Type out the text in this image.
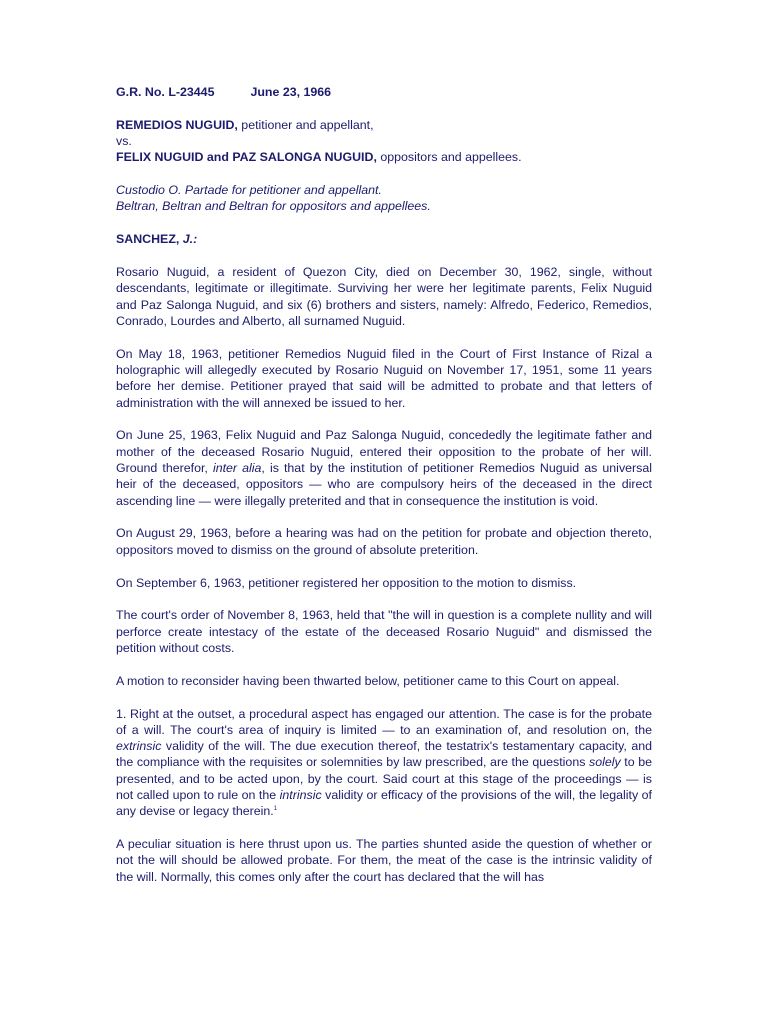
G.R. No. L-23445	June 23, 1966

REMEDIOS NUGUID, petitioner and appellant,
vs.
FELIX NUGUID and PAZ SALONGA NUGUID, oppositors and appellees.

Custodio O. Partade for petitioner and appellant.
Beltran, Beltran and Beltran for oppositors and appellees.

SANCHEZ, J.:

Rosario Nuguid, a resident of Quezon City, died on December 30, 1962, single, without descendants, legitimate or illegitimate. Surviving her were her legitimate parents, Felix Nuguid and Paz Salonga Nuguid, and six (6) brothers and sisters, namely: Alfredo, Federico, Remedios, Conrado, Lourdes and Alberto, all surnamed Nuguid.

On May 18, 1963, petitioner Remedios Nuguid filed in the Court of First Instance of Rizal a holographic will allegedly executed by Rosario Nuguid on November 17, 1951, some 11 years before her demise. Petitioner prayed that said will be admitted to probate and that letters of administration with the will annexed be issued to her.

On June 25, 1963, Felix Nuguid and Paz Salonga Nuguid, concededly the legitimate father and mother of the deceased Rosario Nuguid, entered their opposition to the probate of her will. Ground therefor, inter alia, is that by the institution of petitioner Remedios Nuguid as universal heir of the deceased, oppositors — who are compulsory heirs of the deceased in the direct ascending line — were illegally preterited and that in consequence the institution is void.

On August 29, 1963, before a hearing was had on the petition for probate and objection thereto, oppositors moved to dismiss on the ground of absolute preterition.

On September 6, 1963, petitioner registered her opposition to the motion to dismiss.

The court's order of November 8, 1963, held that "the will in question is a complete nullity and will perforce create intestacy of the estate of the deceased Rosario Nuguid" and dismissed the petition without costs.

A motion to reconsider having been thwarted below, petitioner came to this Court on appeal.

1. Right at the outset, a procedural aspect has engaged our attention. The case is for the probate of a will. The court's area of inquiry is limited — to an examination of, and resolution on, the extrinsic validity of the will. The due execution thereof, the testatrix's testamentary capacity, and the compliance with the requisites or solemnities by law prescribed, are the questions solely to be presented, and to be acted upon, by the court. Said court at this stage of the proceedings — is not called upon to rule on the intrinsic validity or efficacy of the provisions of the will, the legality of any devise or legacy therein.$^1$

A peculiar situation is here thrust upon us. The parties shunted aside the question of whether or not the will should be allowed probate. For them, the meat of the case is the intrinsic validity of the will. Normally, this comes only after the court has declared that the will has
